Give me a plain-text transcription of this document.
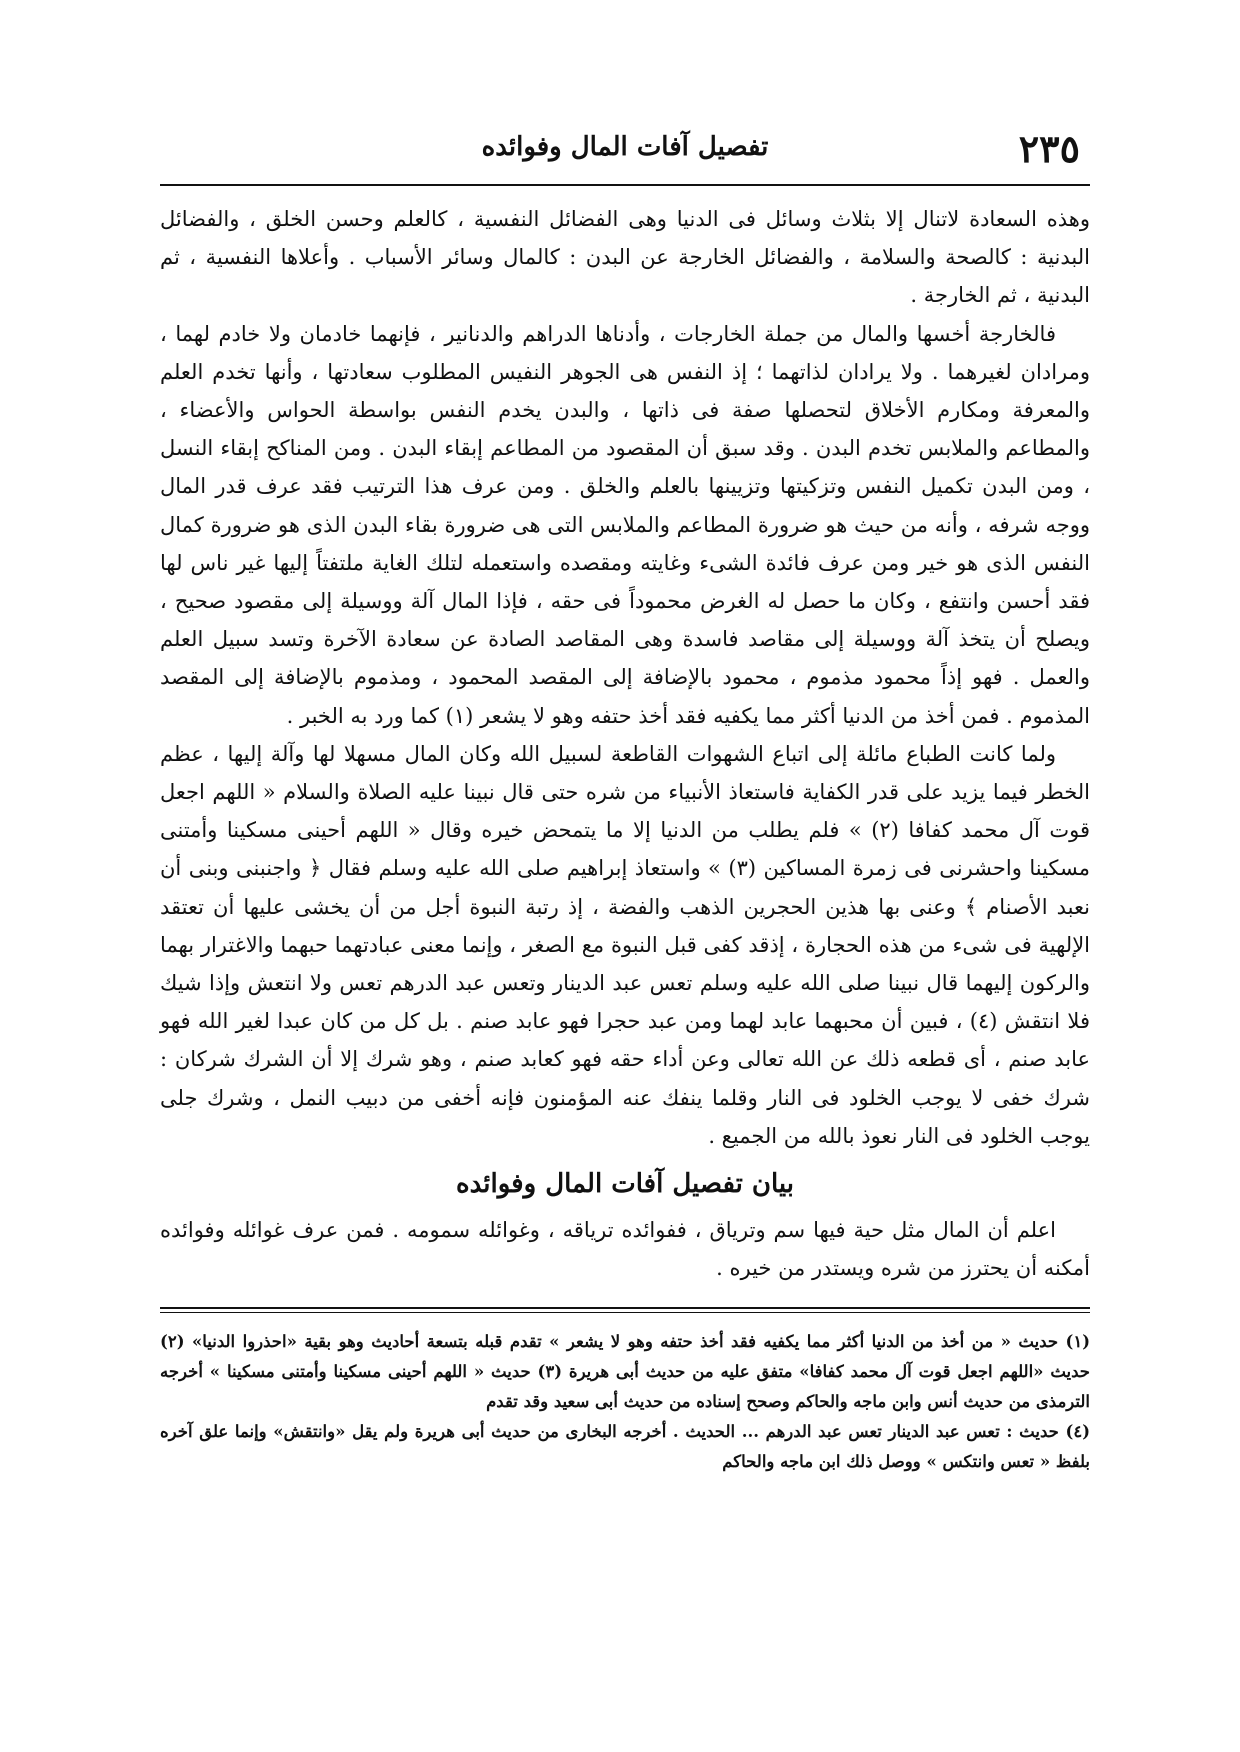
٢٣٥
تفصيل آفات المال وفوائده

وهذه السعادة لاتنال إلا بثلاث وسائل فى الدنيا وهى الفضائل النفسية ، كالعلم وحسن الخلق ، والفضائل البدنية : كالصحة والسلامة ، والفضائل الخارجة عن البدن : كالمال وسائر الأسباب . وأعلاها النفسية ، ثم البدنية ، ثم الخارجة .

فالخارجة أخسها والمال من جملة الخارجات ، وأدناها الدراهم والدنانير ، فإنهما خادمان ولا خادم لهما ، ومرادان لغيرهما . ولا يرادان لذاتهما ؛ إذ النفس هى الجوهر النفيس المطلوب سعادتها ، وأنها تخدم العلم والمعرفة ومكارم الأخلاق لتحصلها صفة فى ذاتها ، والبدن يخدم النفس بواسطة الحواس والأعضاء ، والمطاعم والملابس تخدم البدن . وقد سبق أن المقصود من المطاعم إبقاء البدن . ومن المناكح إبقاء النسل ، ومن البدن تكميل النفس وتزكيتها وتزيينها بالعلم والخلق . ومن عرف هذا الترتيب فقد عرف قدر المال ووجه شرفه ، وأنه من حيث هو ضرورة المطاعم والملابس التى هى ضرورة بقاء البدن الذى هو ضرورة كمال النفس الذى هو خير ومن عرف فائدة الشىء وغايته ومقصده واستعمله لتلك الغاية ملتفتاً إليها غير ناس لها فقد أحسن وانتفع ، وكان ما حصل له الغرض محموداً فى حقه ، فإذا المال آلة ووسيلة إلى مقصود صحيح ، ويصلح أن يتخذ آلة ووسيلة إلى مقاصد فاسدة وهى المقاصد الصادة عن سعادة الآخرة وتسد سبيل العلم والعمل . فهو إذاً محمود مذموم ، محمود بالإضافة إلى المقصد المحمود ، ومذموم بالإضافة إلى المقصد المذموم . فمن أخذ من الدنيا أكثر مما يكفيه فقد أخذ حتفه وهو لا يشعر (١) كما ورد به الخبر .

ولما كانت الطباع مائلة إلى اتباع الشهوات القاطعة لسبيل الله وكان المال مسهلا لها وآلة إليها ، عظم الخطر فيما يزيد على قدر الكفاية فاستعاذ الأنبياء من شره حتى قال نبينا عليه الصلاة والسلام « اللهم اجعل قوت آل محمد كفافا (٢) » فلم يطلب من الدنيا إلا ما يتمحض خيره وقال « اللهم أحينى مسكينا وأمتنى مسكينا واحشرنى فى زمرة المساكين (٣) » واستعاذ إبراهيم صلى الله عليه وسلم فقال ﴿ واجنبنى وبنى أن نعبد الأصنام ﴾ وعنى بها هذين الحجرين الذهب والفضة ، إذ رتبة النبوة أجل من أن يخشى عليها أن تعتقد الإلهية فى شىء من هذه الحجارة ، إذقد كفى قبل النبوة مع الصغر ، وإنما معنى عبادتهما حبهما والاغترار بهما والركون إليهما قال نبينا صلى الله عليه وسلم تعس عبد الدينار وتعس عبد الدرهم تعس ولا انتعش وإذا شيك فلا انتقش (٤) ، فبين أن محبهما عابد لهما ومن عبد حجرا فهو عابد صنم . بل كل من كان عبدا لغير الله فهو عابد صنم ، أى قطعه ذلك عن الله تعالى وعن أداء حقه فهو كعابد صنم ، وهو شرك إلا أن الشرك شركان : شرك خفى لا يوجب الخلود فى النار وقلما ينفك عنه المؤمنون فإنه أخفى من دبيب النمل ، وشرك جلى يوجب الخلود فى النار نعوذ بالله من الجميع .

بيان تفصيل آفات المال وفوائده

اعلم أن المال مثل حية فيها سم وترياق ، ففوائده ترياقه ، وغوائله سمومه . فمن عرف غوائله وفوائده أمكنه أن يحترز من شره ويستدر من خيره .

(١) حديث « من أخذ من الدنيا أكثر مما يكفيه فقد أخذ حتفه وهو لا يشعر » تقدم قبله بتسعة أحاديث وهو بقية «احذروا الدنيا» (٢) حديث «اللهم اجعل قوت آل محمد كفافا» متفق عليه من حديث أبى هريرة (٣) حديث « اللهم أحينى مسكينا وأمتنى مسكينا » أخرجه الترمذى من حديث أنس وابن ماجه والحاكم وصحح إسناده من حديث أبى سعيد وقد تقدم

(٤) حديث : تعس عبد الدينار تعس عبد الدرهم ... الحديث . أخرجه البخارى من حديث أبى هريرة ولم يقل «وانتقش» وإنما علق آخره بلفظ « تعس وانتكس » ووصل ذلك ابن ماجه والحاكم
